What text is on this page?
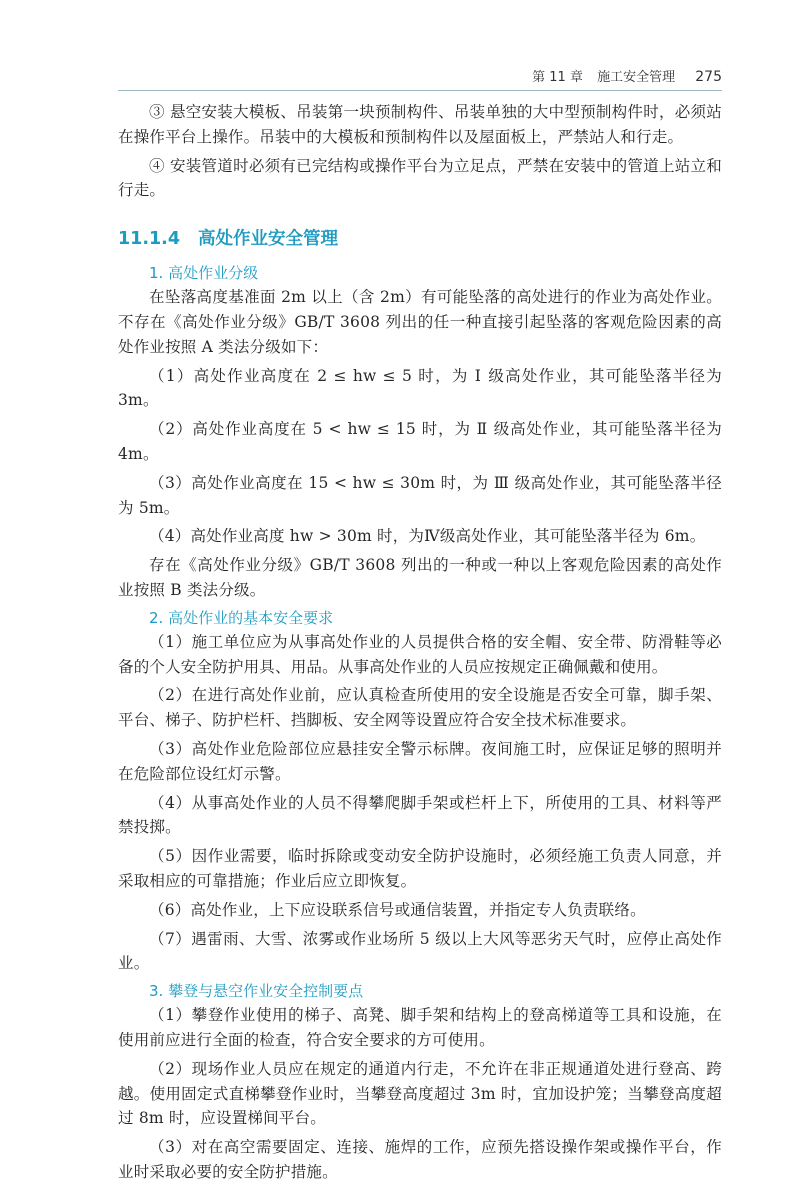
第 11 章 施工安全管理 275

③ 悬空安装大模板、吊装第一块预制构件、吊装单独的大中型预制构件时，必须站在操作平台上操作。吊装中的大模板和预制构件以及屋面板上，严禁站人和行走。

④ 安装管道时必须有已完结构或操作平台为立足点，严禁在安装中的管道上站立和行走。

11.1.4 高处作业安全管理
1. 高处作业分级

在坠落高度基准面 2m 以上（含 2m）有可能坠落的高处进行的作业为高处作业。不存在《高处作业分级》GB/T 3608 列出的任一种直接引起坠落的客观危险因素的高处作业按照 A 类法分级如下：

（1）高处作业高度在 2 ≤ hw ≤ 5 时，为 Ⅰ 级高处作业，其可能坠落半径为 3m。

（2）高处作业高度在 5 < hw ≤ 15 时，为 Ⅱ 级高处作业，其可能坠落半径为 4m。

（3）高处作业高度在 15 < hw ≤ 30m 时，为 Ⅲ 级高处作业，其可能坠落半径为 5m。

（4）高处作业高度 hw > 30m 时，为Ⅳ级高处作业，其可能坠落半径为 6m。

存在《高处作业分级》GB/T 3608 列出的一种或一种以上客观危险因素的高处作业按照 B 类法分级。

2. 高处作业的基本安全要求

（1）施工单位应为从事高处作业的人员提供合格的安全帽、安全带、防滑鞋等必备的个人安全防护用具、用品。从事高处作业的人员应按规定正确佩戴和使用。

（2）在进行高处作业前，应认真检查所使用的安全设施是否安全可靠，脚手架、平台、梯子、防护栏杆、挡脚板、安全网等设置应符合安全技术标准要求。

（3）高处作业危险部位应悬挂安全警示标牌。夜间施工时，应保证足够的照明并在危险部位设红灯示警。

（4）从事高处作业的人员不得攀爬脚手架或栏杆上下，所使用的工具、材料等严禁投掷。

（5）因作业需要，临时拆除或变动安全防护设施时，必须经施工负责人同意，并采取相应的可靠措施；作业后应立即恢复。

（6）高处作业，上下应设联系信号或通信装置，并指定专人负责联络。

（7）遇雷雨、大雪、浓雾或作业场所 5 级以上大风等恶劣天气时，应停止高处作业。

3. 攀登与悬空作业安全控制要点

（1）攀登作业使用的梯子、高凳、脚手架和结构上的登高梯道等工具和设施，在使用前应进行全面的检查，符合安全要求的方可使用。

（2）现场作业人员应在规定的通道内行走，不允许在非正规通道处进行登高、跨越。使用固定式直梯攀登作业时，当攀登高度超过 3m 时，宜加设护笼；当攀登高度超过 8m 时，应设置梯间平台。

（3）对在高空需要固定、连接、施焊的工作，应预先搭设操作架或操作平台，作业时采取必要的安全防护措施。
